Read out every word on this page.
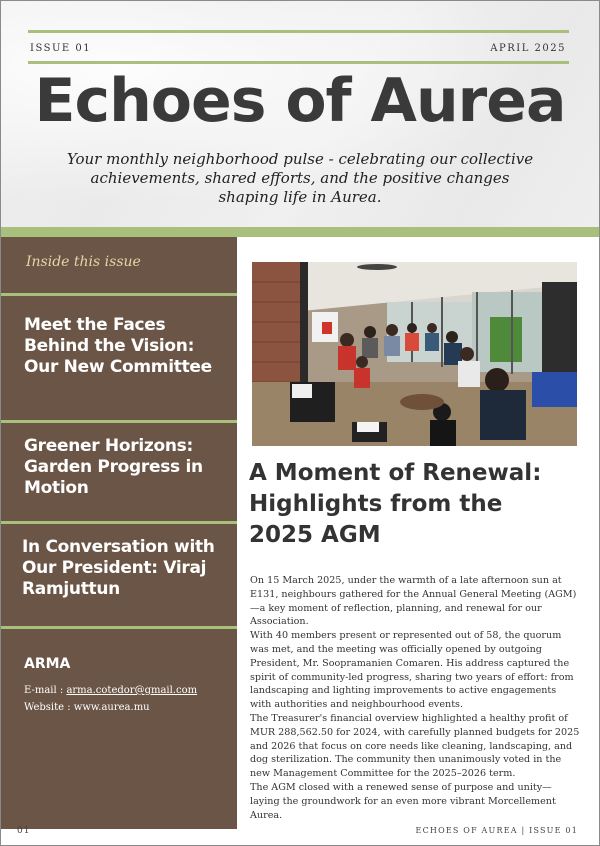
ISSUE 01	APRIL 2025
Echoes of Aurea
Your monthly neighborhood pulse - celebrating our collective achievements, shared efforts, and the positive changes shaping life in Aurea.
Inside this issue
Meet the Faces Behind the Vision: Our New Committee
Greener Horizons: Garden Progress in Motion
In Conversation with Our President: Viraj Ramjuttun
ARMA
E-mail : arma.cotedor@gmail.com
Website : www.aurea.mu
A Moment of Renewal: Highlights from the 2025 AGM

On 15 March 2025, under the warmth of a late afternoon sun at E131, neighbours gathered for the Annual General Meeting (AGM)—a key moment of reflection, planning, and renewal for our Association.

With 40 members present or represented out of 58, the quorum was met, and the meeting was officially opened by outgoing President, Mr. Soopramanien Comaren. His address captured the spirit of community-led progress, sharing two years of effort: from landscaping and lighting improvements to active engagements with authorities and neighbourhood events.

The Treasurer's financial overview highlighted a healthy profit of MUR 288,562.50 for 2024, with carefully planned budgets for 2025 and 2026 that focus on core needs like cleaning, landscaping, and dog sterilization. The community then unanimously voted in the new Management Committee for the 2025–2026 term.

The AGM closed with a renewed sense of purpose and unity—laying the groundwork for an even more vibrant Morcellement Aurea.

01	ECHOES OF AUREA | ISSUE 01
